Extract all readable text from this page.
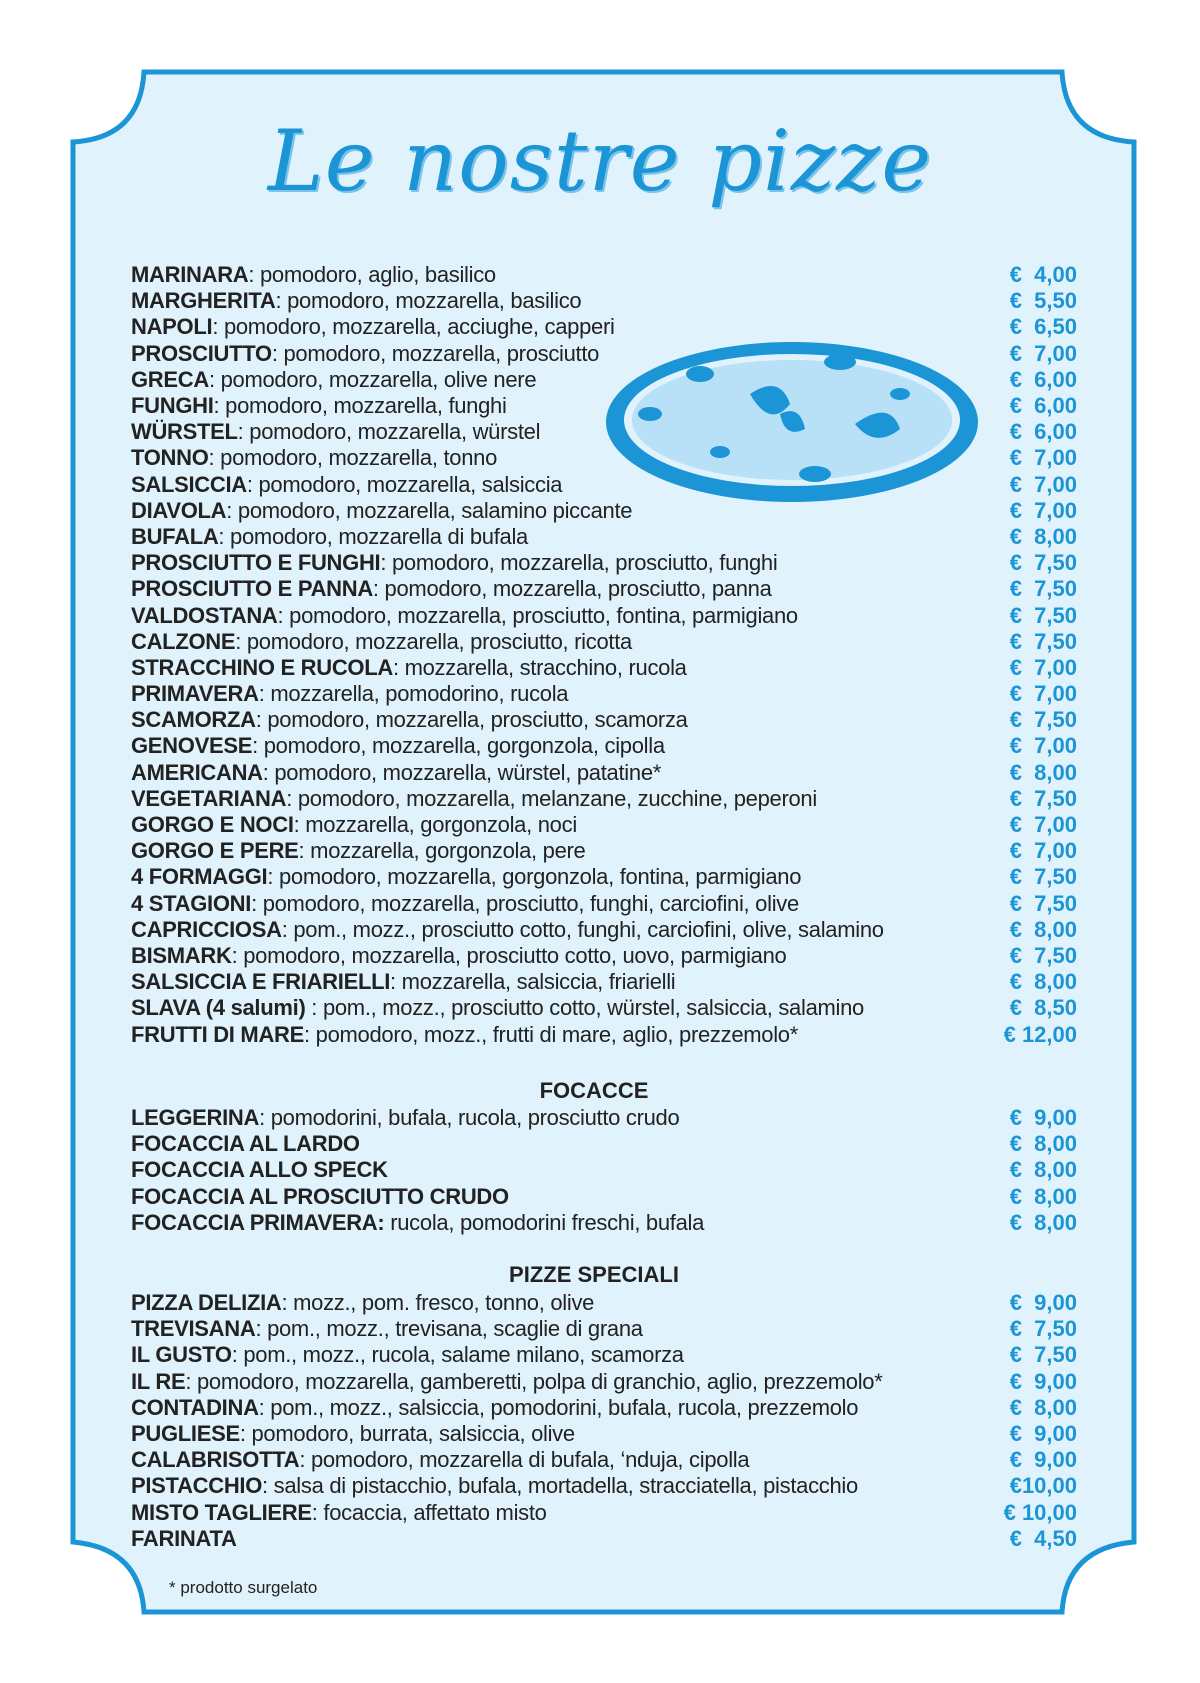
Le nostre pizze
MARINARA: pomodoro, aglio, basilico	€  4,00
MARGHERITA: pomodoro, mozzarella, basilico	€  5,50
NAPOLI: pomodoro, mozzarella, acciughe, capperi	€  6,50
PROSCIUTTO: pomodoro, mozzarella, prosciutto	€  7,00
GRECA: pomodoro, mozzarella, olive nere	€  6,00
FUNGHI: pomodoro, mozzarella, funghi	€  6,00
WÜRSTEL: pomodoro, mozzarella, würstel	€  6,00
TONNO: pomodoro, mozzarella, tonno	€  7,00
SALSICCIA: pomodoro, mozzarella, salsiccia	€  7,00
DIAVOLA: pomodoro, mozzarella, salamino piccante	€  7,00
BUFALA: pomodoro, mozzarella di bufala	€  8,00
PROSCIUTTO E FUNGHI: pomodoro, mozzarella, prosciutto, funghi	€  7,50
PROSCIUTTO E PANNA: pomodoro, mozzarella, prosciutto, panna	€  7,50
VALDOSTANA: pomodoro, mozzarella, prosciutto, fontina, parmigiano	€  7,50
CALZONE: pomodoro, mozzarella, prosciutto, ricotta	€  7,50
STRACCHINO E RUCOLA: mozzarella, stracchino, rucola	€  7,00
PRIMAVERA: mozzarella, pomodorino, rucola	€  7,00
SCAMORZA: pomodoro, mozzarella, prosciutto, scamorza	€  7,50
GENOVESE: pomodoro, mozzarella, gorgonzola, cipolla	€  7,00
AMERICANA: pomodoro, mozzarella, würstel, patatine*	€  8,00
VEGETARIANA: pomodoro, mozzarella, melanzane, zucchine, peperoni	€  7,50
GORGO E NOCI: mozzarella, gorgonzola, noci	€  7,00
GORGO E PERE: mozzarella, gorgonzola, pere	€  7,00
4 FORMAGGI: pomodoro, mozzarella, gorgonzola, fontina, parmigiano	€  7,50
4 STAGIONI: pomodoro, mozzarella, prosciutto, funghi, carciofini, olive	€  7,50
CAPRICCIOSA: pom., mozz., prosciutto cotto, funghi, carciofini, olive, salamino	€  8,00
BISMARK: pomodoro, mozzarella, prosciutto cotto, uovo, parmigiano	€  7,50
SALSICCIA E FRIARIELLI: mozzarella, salsiccia, friarielli	€  8,00
SLAVA (4 salumi) : pom., mozz., prosciutto cotto, würstel, salsiccia, salamino	€  8,50
FRUTTI DI MARE: pomodoro, mozz., frutti di mare, aglio, prezzemolo*	€ 12,00
FOCACCE
LEGGERINA: pomodorini, bufala, rucola, prosciutto crudo	€  9,00
FOCACCIA AL LARDO	€  8,00
FOCACCIA ALLO SPECK	€  8,00
FOCACCIA AL PROSCIUTTO CRUDO	€  8,00
FOCACCIA PRIMAVERA: rucola, pomodorini freschi, bufala	€  8,00
PIZZE SPECIALI
PIZZA DELIZIA: mozz., pom. fresco, tonno, olive	€  9,00
TREVISANA: pom., mozz., trevisana, scaglie di grana	€  7,50
IL GUSTO: pom., mozz., rucola, salame milano, scamorza	€  7,50
IL RE: pomodoro, mozzarella, gamberetti, polpa di granchio, aglio, prezzemolo*	€  9,00
CONTADINA: pom., mozz., salsiccia, pomodorini, bufala, rucola, prezzemolo	€  8,00
PUGLIESE: pomodoro, burrata, salsiccia, olive	€  9,00
CALABRISOTTA: pomodoro, mozzarella di bufala, ‘nduja, cipolla	€  9,00
PISTACCHIO: salsa di pistacchio, bufala, mortadella, stracciatella, pistacchio	€10,00
MISTO TAGLIERE: focaccia, affettato misto	€ 10,00
FARINATA	€  4,50
* prodotto surgelato
